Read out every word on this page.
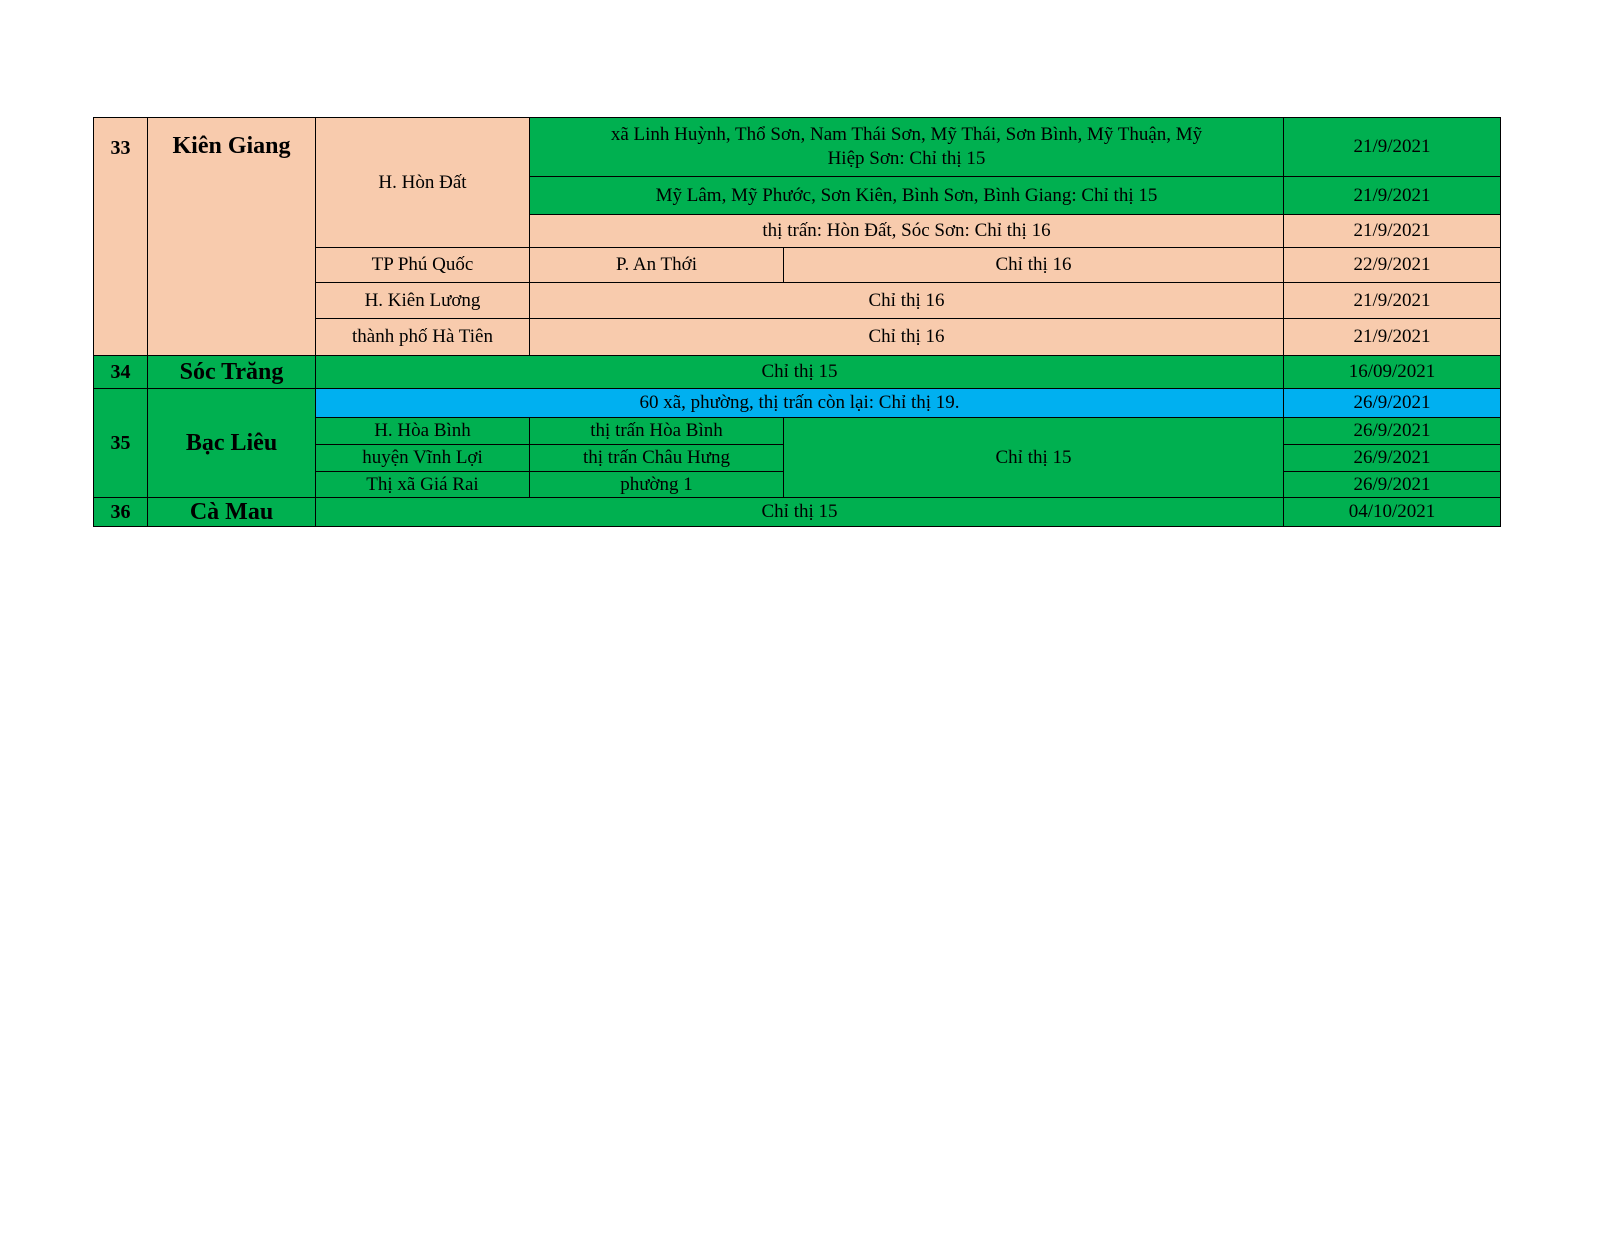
33	Kiên Giang	H. Hòn Đất	xã Linh Huỳnh, Thổ Sơn, Nam Thái Sơn, Mỹ Thái, Sơn Bình, Mỹ Thuận, Mỹ Hiệp Sơn: Chỉ thị 15		21/9/2021
			Mỹ Lâm, Mỹ Phước, Sơn Kiên, Bình Sơn, Bình Giang: Chỉ thị 15		21/9/2021
			thị trấn: Hòn Đất, Sóc Sơn: Chỉ thị 16		21/9/2021
		TP Phú Quốc	P. An Thới	Chỉ thị 16	22/9/2021
		H. Kiên Lương	Chỉ thị 16		21/9/2021
		thành phố Hà Tiên	Chỉ thị 16		21/9/2021
34	Sóc Trăng	Chỉ thị 15			16/09/2021
35	Bạc Liêu	60 xã, phường, thị trấn còn lại: Chỉ thị 19.			26/9/2021
		H. Hòa Bình	thị trấn Hòa Bình	Chỉ thị 15	26/9/2021
		huyện Vĩnh Lợi	thị trấn Châu Hưng		26/9/2021
		Thị xã Giá Rai	phường 1		26/9/2021
36	Cà Mau	Chỉ thị 15			04/10/2021
